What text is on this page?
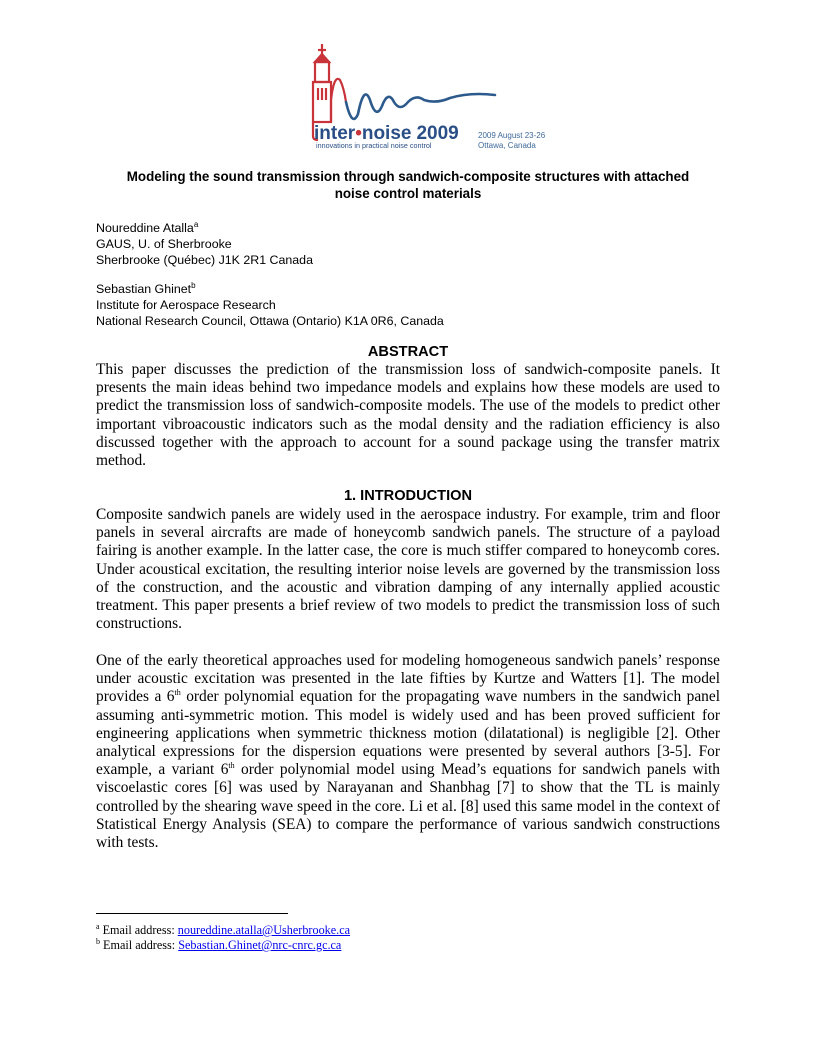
inter•noise 2009
innovations in practical noise control
2009 August 23-26
Ottawa, Canada
Modeling the sound transmission through sandwich-composite structures with attached
noise control materials
Noureddine Atalla$^a$
GAUS, U. of Sherbrooke
Sherbrooke (Québec) J1K 2R1 Canada
Sebastian Ghinet$^b$
Institute for Aerospace Research
National Research Council, Ottawa (Ontario) K1A 0R6, Canada
ABSTRACT
This paper discusses the prediction of the transmission loss of sandwich-composite panels. It presents the main ideas behind two impedance models and explains how these models are used to predict the transmission loss of sandwich-composite models. The use of the models to predict other important vibroacoustic indicators such as the modal density and the radiation efficiency is also discussed together with the approach to account for a sound package using the transfer matrix method.
1. INTRODUCTION
Composite sandwich panels are widely used in the aerospace industry. For example, trim and floor panels in several aircrafts are made of honeycomb sandwich panels. The structure of a payload fairing is another example. In the latter case, the core is much stiffer compared to honeycomb cores. Under acoustical excitation, the resulting interior noise levels are governed by the transmission loss of the construction, and the acoustic and vibration damping of any internally applied acoustic treatment. This paper presents a brief review of two models to predict the transmission loss of such constructions.
One of the early theoretical approaches used for modeling homogeneous sandwich panels’ response under acoustic excitation was presented in the late fifties by Kurtze and Watters [1]. The model provides a 6th order polynomial equation for the propagating wave numbers in the sandwich panel assuming anti-symmetric motion. This model is widely used and has been proved sufficient for engineering applications when symmetric thickness motion (dilatational) is negligible [2]. Other analytical expressions for the dispersion equations were presented by several authors [3-5]. For example, a variant 6th order polynomial model using Mead’s equations for sandwich panels with viscoelastic cores [6] was used by Narayanan and Shanbhag [7] to show that the TL is mainly controlled by the shearing wave speed in the core. Li et al. [8] used this same model in the context of Statistical Energy Analysis (SEA) to compare the performance of various sandwich constructions with tests.
$^a$ Email address: noureddine.atalla@Usherbrooke.ca
$^b$ Email address: Sebastian.Ghinet@nrc-cnrc.gc.ca
